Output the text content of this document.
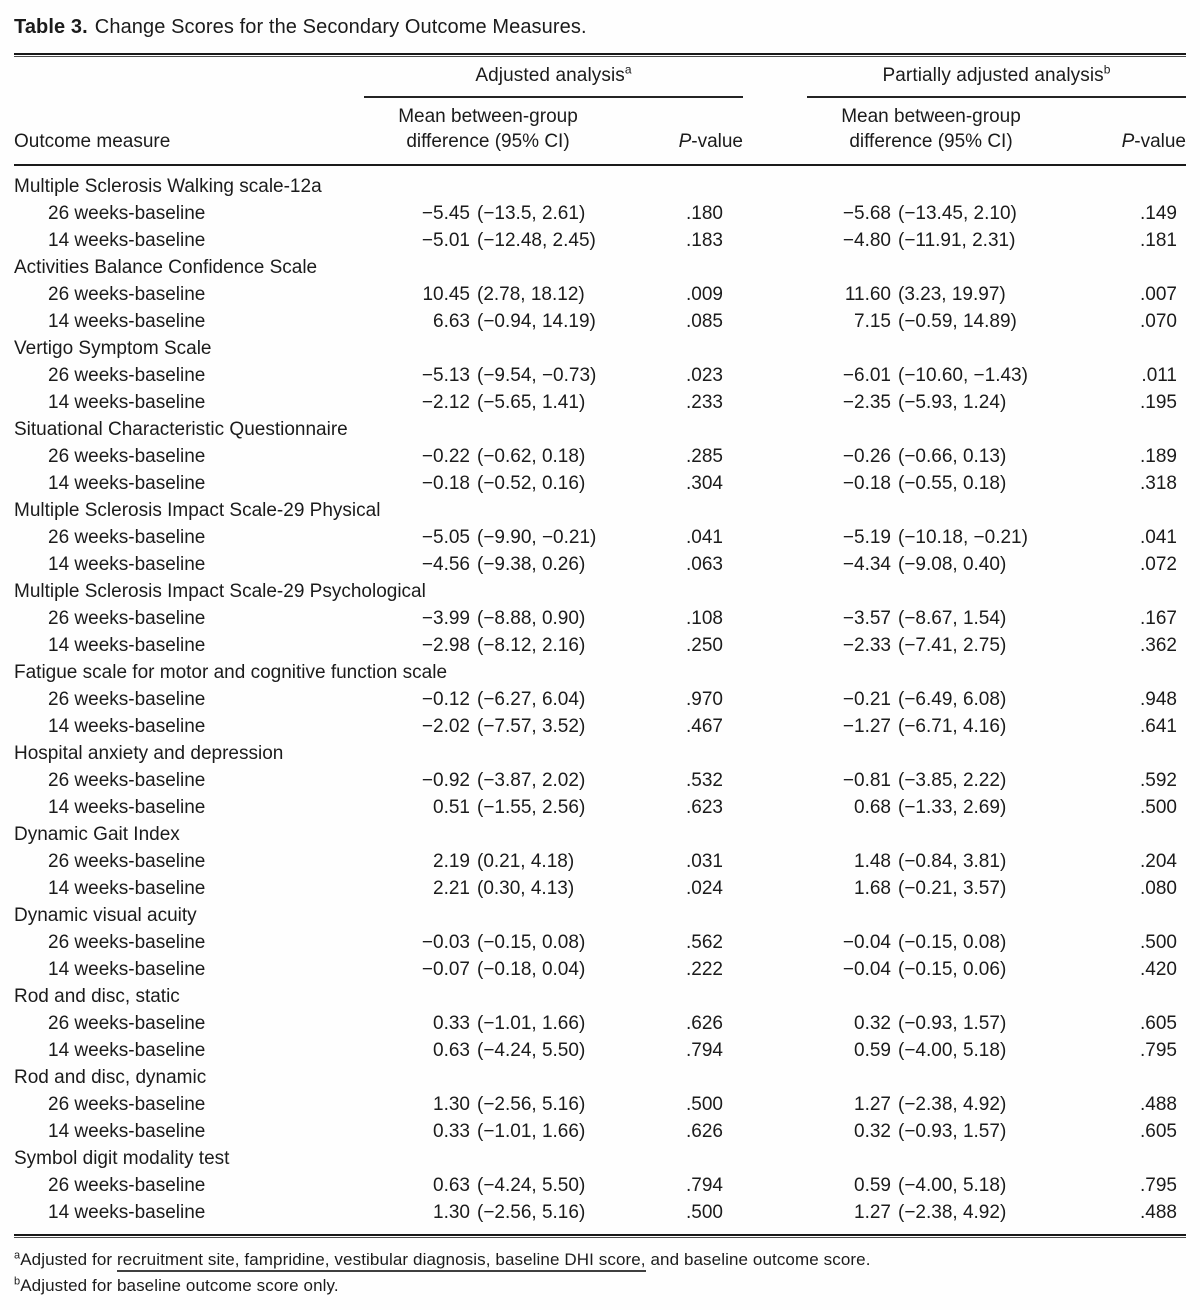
Table 3. Change Scores for the Secondary Outcome Measures.
	Adjusted analysis$^a$			Partially adjusted analysis$^b$
Outcome measure	Mean between-group difference (95% CI)	P-value		Mean between-group difference (95% CI)	P-value
Multiple Sclerosis Walking scale-12a					
26 weeks-baseline	−5.45 (−13.5, 2.61)	.180		−5.68 (−13.45, 2.10)	.149
14 weeks-baseline	−5.01 (−12.48, 2.45)	.183		−4.80 (−11.91, 2.31)	.181
Activities Balance Confidence Scale					
26 weeks-baseline	10.45 (2.78, 18.12)	.009		11.60 (3.23, 19.97)	.007
14 weeks-baseline	6.63 (−0.94, 14.19)	.085		7.15 (−0.59, 14.89)	.070
Vertigo Symptom Scale					
26 weeks-baseline	−5.13 (−9.54, −0.73)	.023		−6.01 (−10.60, −1.43)	.011
14 weeks-baseline	−2.12 (−5.65, 1.41)	.233		−2.35 (−5.93, 1.24)	.195
Situational Characteristic Questionnaire					
26 weeks-baseline	−0.22 (−0.62, 0.18)	.285		−0.26 (−0.66, 0.13)	.189
14 weeks-baseline	−0.18 (−0.52, 0.16)	.304		−0.18 (−0.55, 0.18)	.318
Multiple Sclerosis Impact Scale-29 Physical					
26 weeks-baseline	−5.05 (−9.90, −0.21)	.041		−5.19 (−10.18, −0.21)	.041
14 weeks-baseline	−4.56 (−9.38, 0.26)	.063		−4.34 (−9.08, 0.40)	.072
Multiple Sclerosis Impact Scale-29 Psychological					
26 weeks-baseline	−3.99 (−8.88, 0.90)	.108		−3.57 (−8.67, 1.54)	.167
14 weeks-baseline	−2.98 (−8.12, 2.16)	.250		−2.33 (−7.41, 2.75)	.362
Fatigue scale for motor and cognitive function scale					
26 weeks-baseline	−0.12 (−6.27, 6.04)	.970		−0.21 (−6.49, 6.08)	.948
14 weeks-baseline	−2.02 (−7.57, 3.52)	.467		−1.27 (−6.71, 4.16)	.641
Hospital anxiety and depression					
26 weeks-baseline	−0.92 (−3.87, 2.02)	.532		−0.81 (−3.85, 2.22)	.592
14 weeks-baseline	0.51 (−1.55, 2.56)	.623		0.68 (−1.33, 2.69)	.500
Dynamic Gait Index					
26 weeks-baseline	2.19 (0.21, 4.18)	.031		1.48 (−0.84, 3.81)	.204
14 weeks-baseline	2.21 (0.30, 4.13)	.024		1.68 (−0.21, 3.57)	.080
Dynamic visual acuity					
26 weeks-baseline	−0.03 (−0.15, 0.08)	.562		−0.04 (−0.15, 0.08)	.500
14 weeks-baseline	−0.07 (−0.18, 0.04)	.222		−0.04 (−0.15, 0.06)	.420
Rod and disc, static					
26 weeks-baseline	0.33 (−1.01, 1.66)	.626		0.32 (−0.93, 1.57)	.605
14 weeks-baseline	0.63 (−4.24, 5.50)	.794		0.59 (−4.00, 5.18)	.795
Rod and disc, dynamic					
26 weeks-baseline	1.30 (−2.56, 5.16)	.500		1.27 (−2.38, 4.92)	.488
14 weeks-baseline	0.33 (−1.01, 1.66)	.626		0.32 (−0.93, 1.57)	.605
Symbol digit modality test					
26 weeks-baseline	0.63 (−4.24, 5.50)	.794		0.59 (−4.00, 5.18)	.795
14 weeks-baseline	1.30 (−2.56, 5.16)	.500		1.27 (−2.38, 4.92)	.488
$^a$Adjusted for recruitment site, fampridine, vestibular diagnosis, baseline DHI score, and baseline outcome score.
$^b$Adjusted for baseline outcome score only.
